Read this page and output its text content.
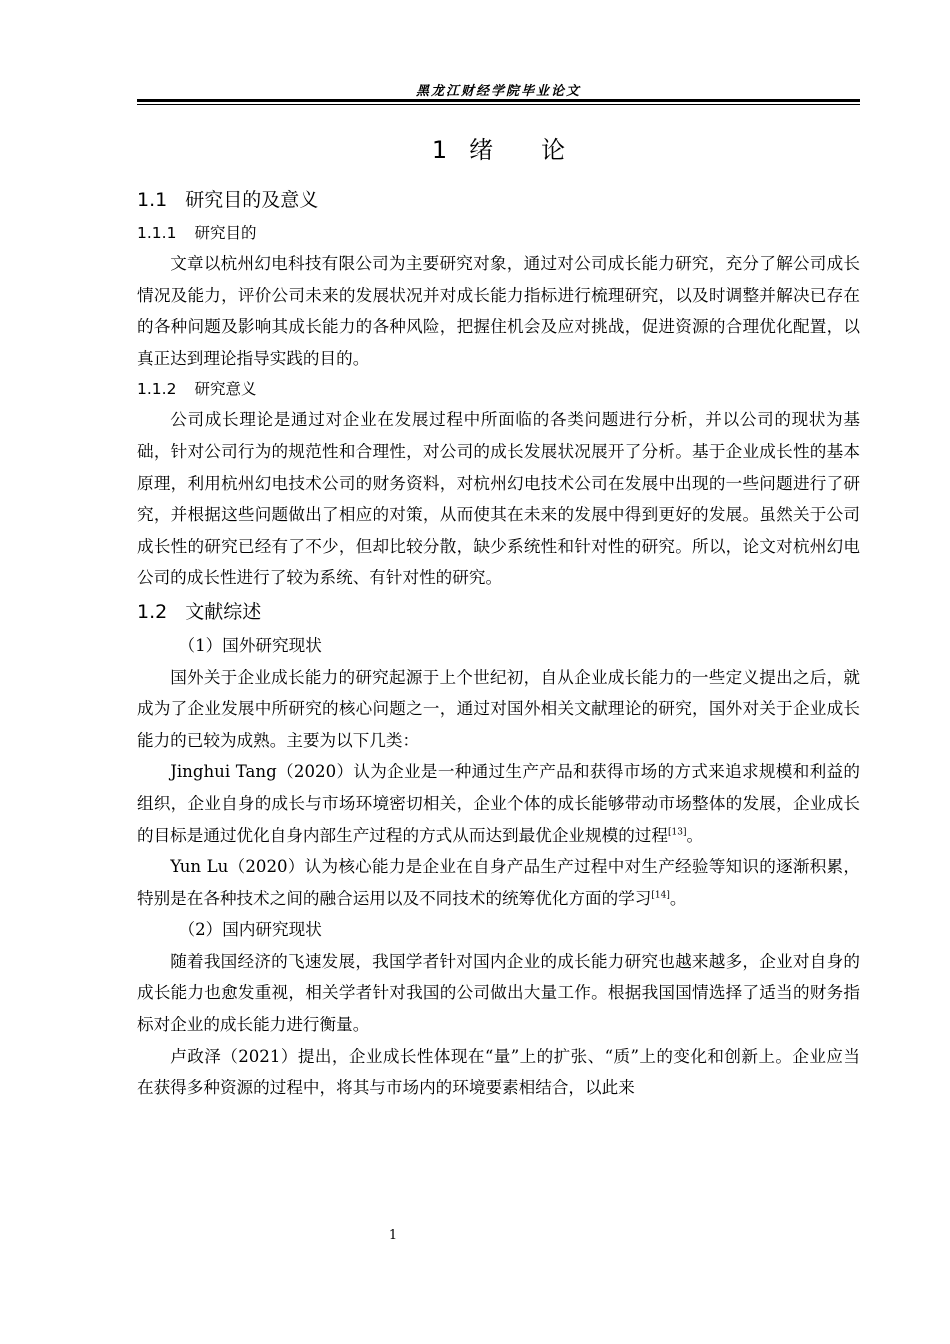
黑龙江财经学院毕业论文
1 绪论
1.1 研究目的及意义
1.1.1 研究目的

文章以杭州幻电科技有限公司为主要研究对象，通过对公司成长能力研究，充分了解公司成长情况及能力，评价公司未来的发展状况并对成长能力指标进行梳理研究，以及时调整并解决已存在的各种问题及影响其成长能力的各种风险，把握住机会及应对挑战，促进资源的合理优化配置，以真正达到理论指导实践的目的。

1.1.2 研究意义

公司成长理论是通过对企业在发展过程中所面临的各类问题进行分析，并以公司的现状为基础，针对公司行为的规范性和合理性，对公司的成长发展状况展开了分析。基于企业成长性的基本原理，利用杭州幻电技术公司的财务资料，对杭州幻电技术公司在发展中出现的一些问题进行了研究，并根据这些问题做出了相应的对策，从而使其在未来的发展中得到更好的发展。虽然关于公司成长性的研究已经有了不少，但却比较分散，缺少系统性和针对性的研究。所以，论文对杭州幻电公司的成长性进行了较为系统、有针对性的研究。

1.2 文献综述

（1）国外研究现状

国外关于企业成长能力的研究起源于上个世纪初，自从企业成长能力的一些定义提出之后，就成为了企业发展中所研究的核心问题之一，通过对国外相关文献理论的研究，国外对关于企业成长能力的已较为成熟。主要为以下几类：

Jinghui Tang（2020）认为企业是一种通过生产产品和获得市场的方式来追求规模和利益的组织，企业自身的成长与市场环境密切相关，企业个体的成长能够带动市场整体的发展，企业成长的目标是通过优化自身内部生产过程的方式从而达到最优企业规模的过程[13]。

Yun Lu（2020）认为核心能力是企业在自身产品生产过程中对生产经验等知识的逐渐积累，特别是在各种技术之间的融合运用以及不同技术的统筹优化方面的学习[14]。

（2）国内研究现状

随着我国经济的飞速发展，我国学者针对国内企业的成长能力研究也越来越多，企业对自身的成长能力也愈发重视，相关学者针对我国的公司做出大量工作。根据我国国情选择了适当的财务指标对企业的成长能力进行衡量。

卢政泽（2021）提出，企业成长性体现在“量”上的扩张、“质”上的变化和创新上。企业应当在获得多种资源的过程中，将其与市场内的环境要素相结合，以此来

1
